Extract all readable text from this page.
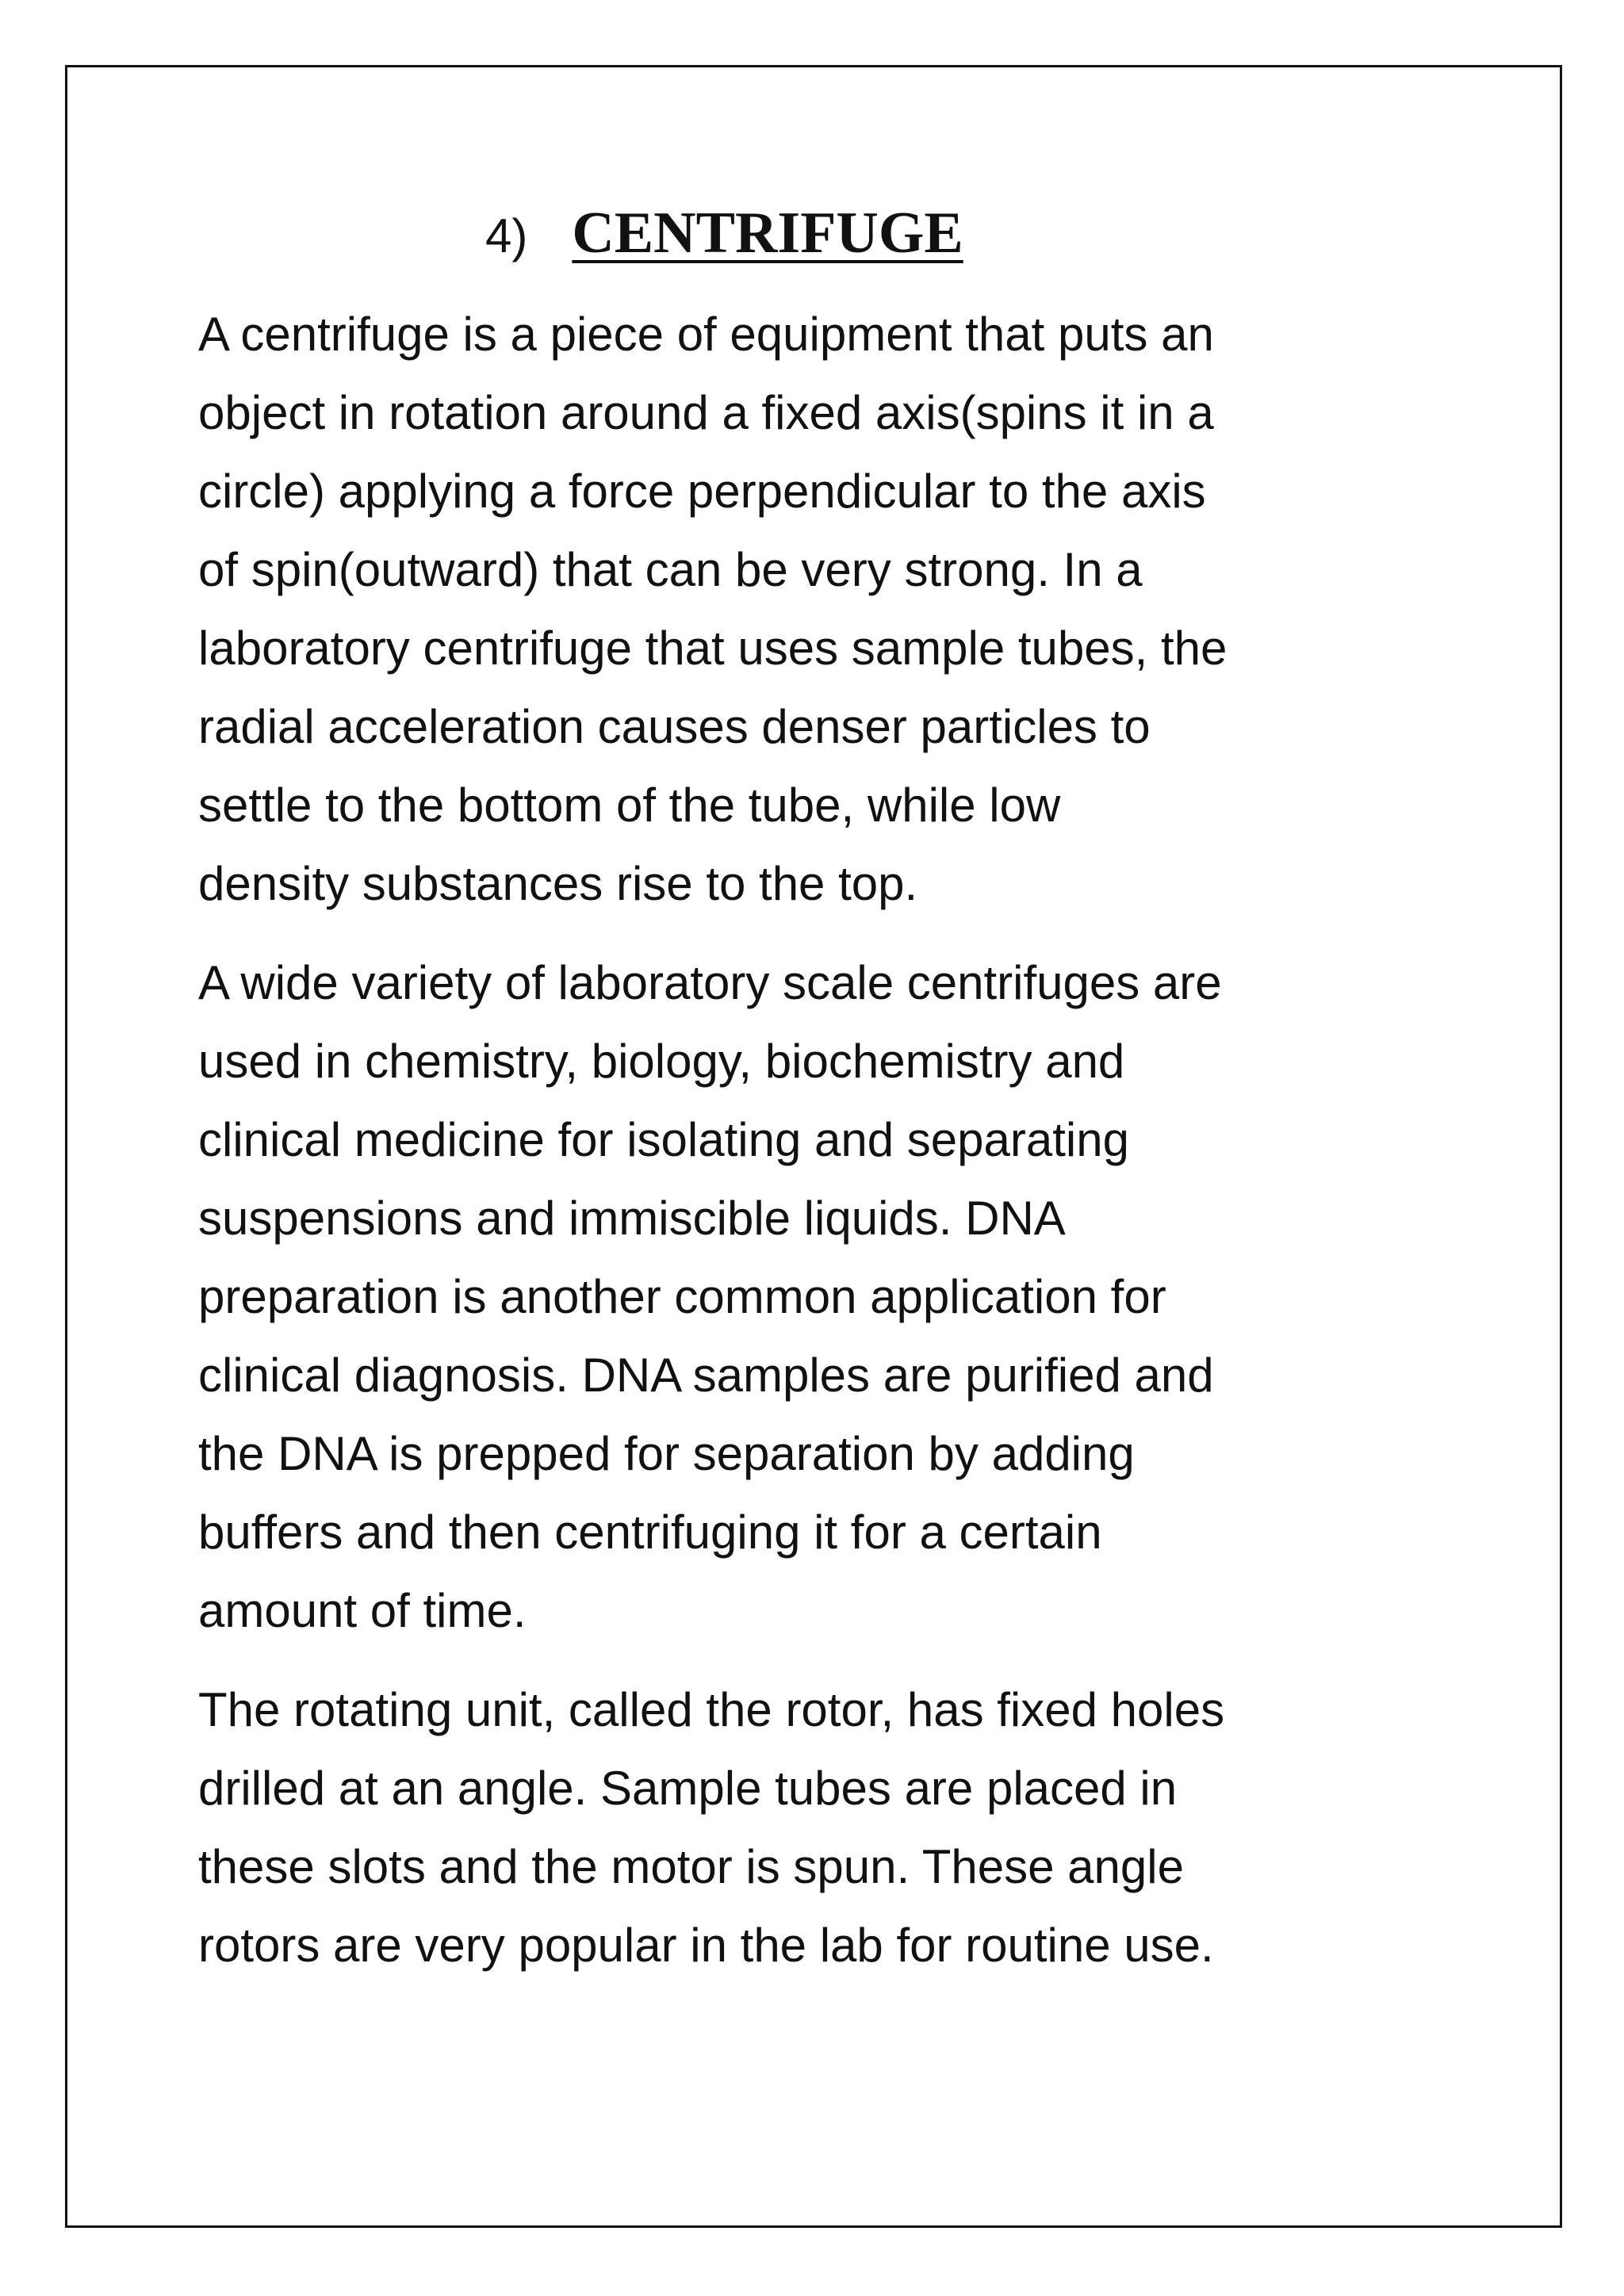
4) CENTRIFUGE
A centrifuge is a piece of equipment that puts an
object in rotation around a fixed axis(spins it in a
circle) applying a force perpendicular to the axis
of spin(outward) that can be very strong. In a
laboratory centrifuge that uses sample tubes, the
radial acceleration causes denser particles to
settle to the bottom of the tube, while low
density substances rise to the top.
A wide variety of laboratory scale centrifuges are
used in chemistry, biology, biochemistry and
clinical medicine for isolating and separating
suspensions and immiscible liquids. DNA
preparation is another common application for
clinical diagnosis. DNA samples are purified and
the DNA is prepped for separation by adding
buffers and then centrifuging it for a certain
amount of time.
The rotating unit, called the rotor, has fixed holes
drilled at an angle. Sample tubes are placed in
these slots and the motor is spun. These angle
rotors are very popular in the lab for routine use.
